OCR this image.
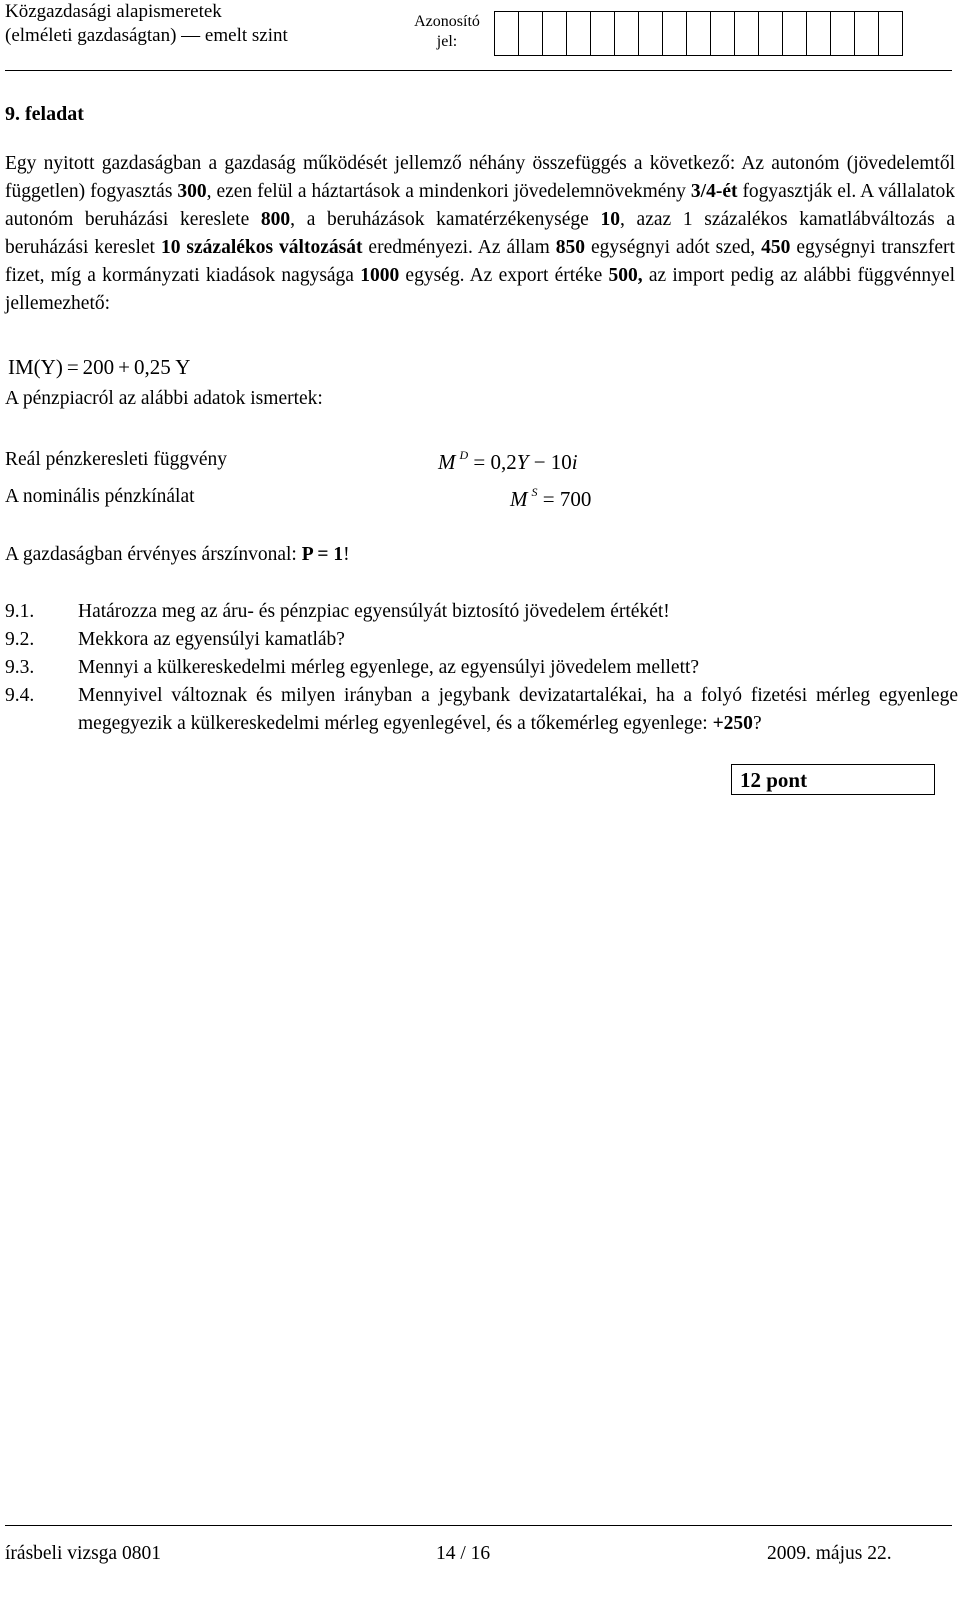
Közgazdasági alapismeretek
(elméleti gazdaságtan) — emelt szint
Azonosító
jel:
9. feladat

Egy nyitott gazdaságban a gazdaság működését jellemző néhány összefüggés a következő: Az autonóm (jövedelemtől független) fogyasztás 300, ezen felül a háztartások a mindenkori jövedelemnövekmény 3/4-ét fogyasztják el. A vállalatok autonóm beruházási kereslete 800, a beruházások kamatérzékenysége 10, azaz 1 százalékos kamatlábváltozás a beruházási kereslet 10 százalékos változását eredményezi. Az állam 850 egységnyi adót szed, 450 egységnyi transzfert fizet, míg a kormányzati kiadások nagysága 1000 egység. Az export értéke 500, az import pedig az alábbi függvénnyel jellemezhető:

IM(Y) = 200 + 0,25 Y
A pénzpiacról az alábbi adatok ismertek:
Reál pénzkeresleti függvény	M $^D$ = 0,2Y − 10i
A nominális pénzkínálat	M $^S$ = 700
A gazdaságban érvényes árszínvonal: P = 1!
9.1.	Határozza meg az áru- és pénzpiac egyensúlyát biztosító jövedelem értékét!
9.2.	Mekkora az egyensúlyi kamatláb?
9.3.	Mennyi a külkereskedelmi mérleg egyenlege, az egyensúlyi jövedelem mellett?
9.4.	Mennyivel változnak és milyen irányban a jegybank devizatartalékai, ha a folyó fizetési mérleg egyenlege megegyezik a külkereskedelmi mérleg egyenlegével, és a tőkemérleg egyenlege: +250?
12 pont
írásbeli vizsga 0801	14 / 16	2009. május 22.
